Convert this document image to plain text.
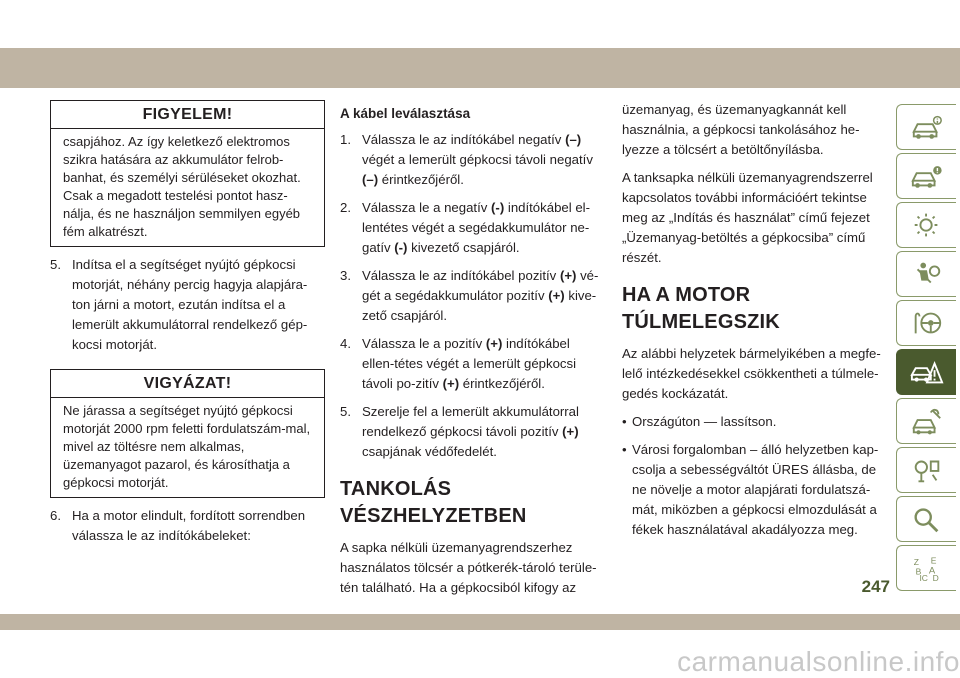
FIGYELEM!
csapjához. Az így keletkező elektromos szikra hatására az akkumulátor felrob-banhat, és személyi sérüléseket okozhat. Csak a megadott testelési pontot hasz-nálja, és ne használjon semmilyen egyéb fém alkatrészt.
5. Indítsa el a segítséget nyújtó gépkocsi motorját, néhány percig hagyja alapjára-ton járni a motort, ezután indítsa el a lemerült akkumulátorral rendelkező gép-kocsi motorját.
VIGYÁZAT!
Ne járassa a segítséget nyújtó gépkocsi motorját 2000 rpm feletti fordulatszám-mal, mivel az töltésre nem alkalmas, üzemanyagot pazarol, és károsíthatja a gépkocsi motorját.
6. Ha a motor elindult, fordított sorrendben válassza le az indítókábeleket:
A kábel leválasztása
1. Válassza le az indítókábel negatív (–) végét a lemerült gépkocsi távoli negatív (–) érintkezőjéről.
2. Válassza le a negatív (-) indítókábel el-lentétes végét a segédakkumulátor ne-gatív (-) kivezető csapjáról.
3. Válassza le az indítókábel pozitív (+) vé-gét a segédakkumulátor pozitív (+) kive-zető csapjáról.
4. Válassza le a pozitív (+) indítókábel ellen-tétes végét a lemerült gépkocsi távoli po-zitív (+) érintkezőjéről.
5. Szerelje fel a lemerült akkumulátorral rendelkező gépkocsi távoli pozitív (+) csapjának védőfedelét.
TANKOLÁS
VÉSZHELYZETBEN

A sapka nélküli üzemanyagrendszerhez használatos tölcsér a pótkerék-tároló terüle-tén található. Ha a gépkocsiból kifogy az

üzemanyag, és üzemanyagkannát kell használnia, a gépkocsi tankolásához he-lyezze a tölcsért a betöltőnyílásba.

A tanksapka nélküli üzemanyagrendszerrel kapcsolatos további információért tekintse meg az „Indítás és használat” című fejezet „Üzemanyag-betöltés a gépkocsiba” című részét.

HA A MOTOR
TÚLMELEGSZIK

Az alábbi helyzetek bármelyikében a megfe-lelő intézkedésekkel csökkentheti a túlmele-gedés kockázatát.

• Országúton — lassítson.
• Városi forgalomban – álló helyzetben kap-csolja a sebességváltót ÜRES állásba, de ne növelje a motor alapjárati fordulatszá-mát, miközben a gépkocsi elmozdulását a fékek használatával akadályozza meg.
Z E
B A
IC D
247
carmanualsonline.info
